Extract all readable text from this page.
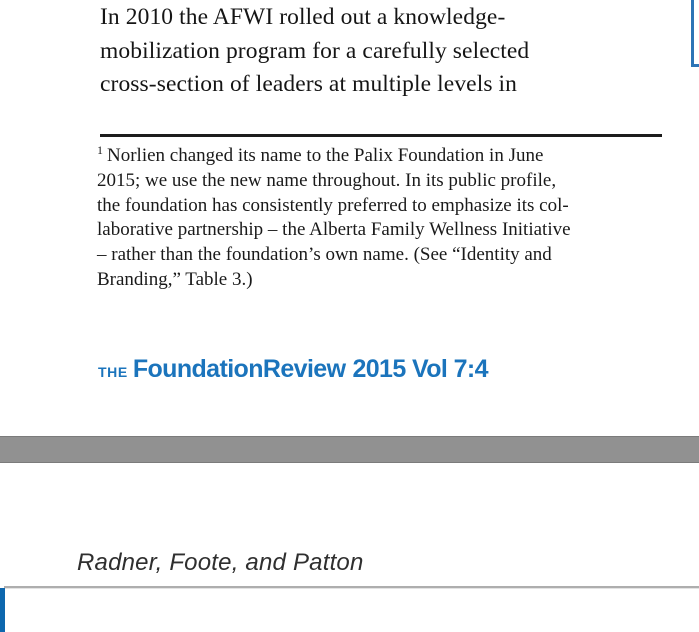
In 2010 the AFWI rolled out a knowledge-
mobilization program for a carefully selected
cross-section of leaders at multiple levels in
$^1$ Norlien changed its name to the Palix Foundation in June
2015; we use the new name throughout. In its public profile,
the foundation has consistently preferred to emphasize its col-
laborative partnership – the Alberta Family Wellness Initiative
– rather than the foundation’s own name. (See “Identity and
Branding,” Table 3.)
THE FoundationReview 2015 Vol 7:4
Radner, Foote, and Patton
